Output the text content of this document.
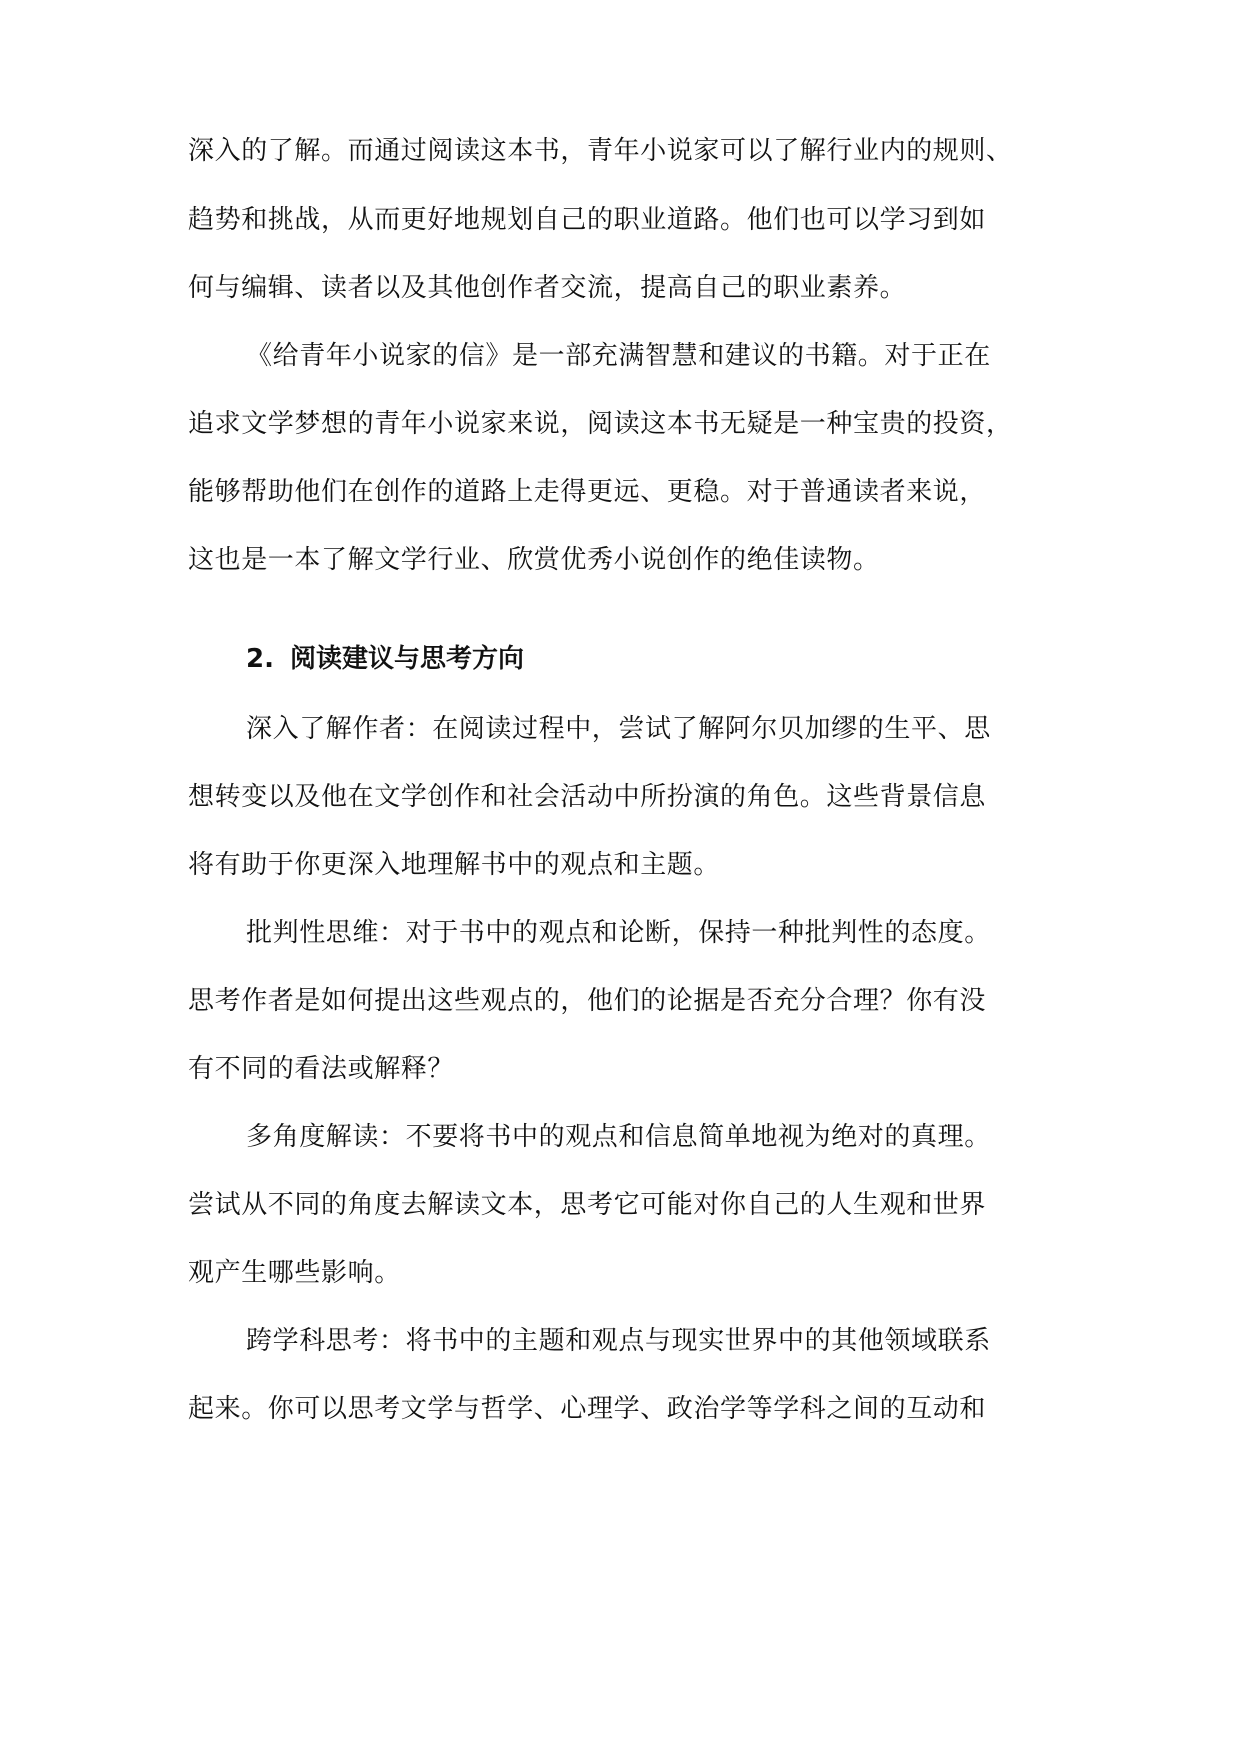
深入的了解。而通过阅读这本书，青年小说家可以了解行业内的规则、
趋势和挑战，从而更好地规划自己的职业道路。他们也可以学习到如
何与编辑、读者以及其他创作者交流，提高自己的职业素养。
《给青年小说家的信》是一部充满智慧和建议的书籍。对于正在
追求文学梦想的青年小说家来说，阅读这本书无疑是一种宝贵的投资，
能够帮助他们在创作的道路上走得更远、更稳。对于普通读者来说，
这也是一本了解文学行业、欣赏优秀小说创作的绝佳读物。
2. 阅读建议与思考方向
深入了解作者：在阅读过程中，尝试了解阿尔贝加缪的生平、思
想转变以及他在文学创作和社会活动中所扮演的角色。这些背景信息
将有助于你更深入地理解书中的观点和主题。
批判性思维：对于书中的观点和论断，保持一种批判性的态度。
思考作者是如何提出这些观点的，他们的论据是否充分合理？你有没
有不同的看法或解释？
多角度解读：不要将书中的观点和信息简单地视为绝对的真理。
尝试从不同的角度去解读文本，思考它可能对你自己的人生观和世界
观产生哪些影响。
跨学科思考：将书中的主题和观点与现实世界中的其他领域联系
起来。你可以思考文学与哲学、心理学、政治学等学科之间的互动和
